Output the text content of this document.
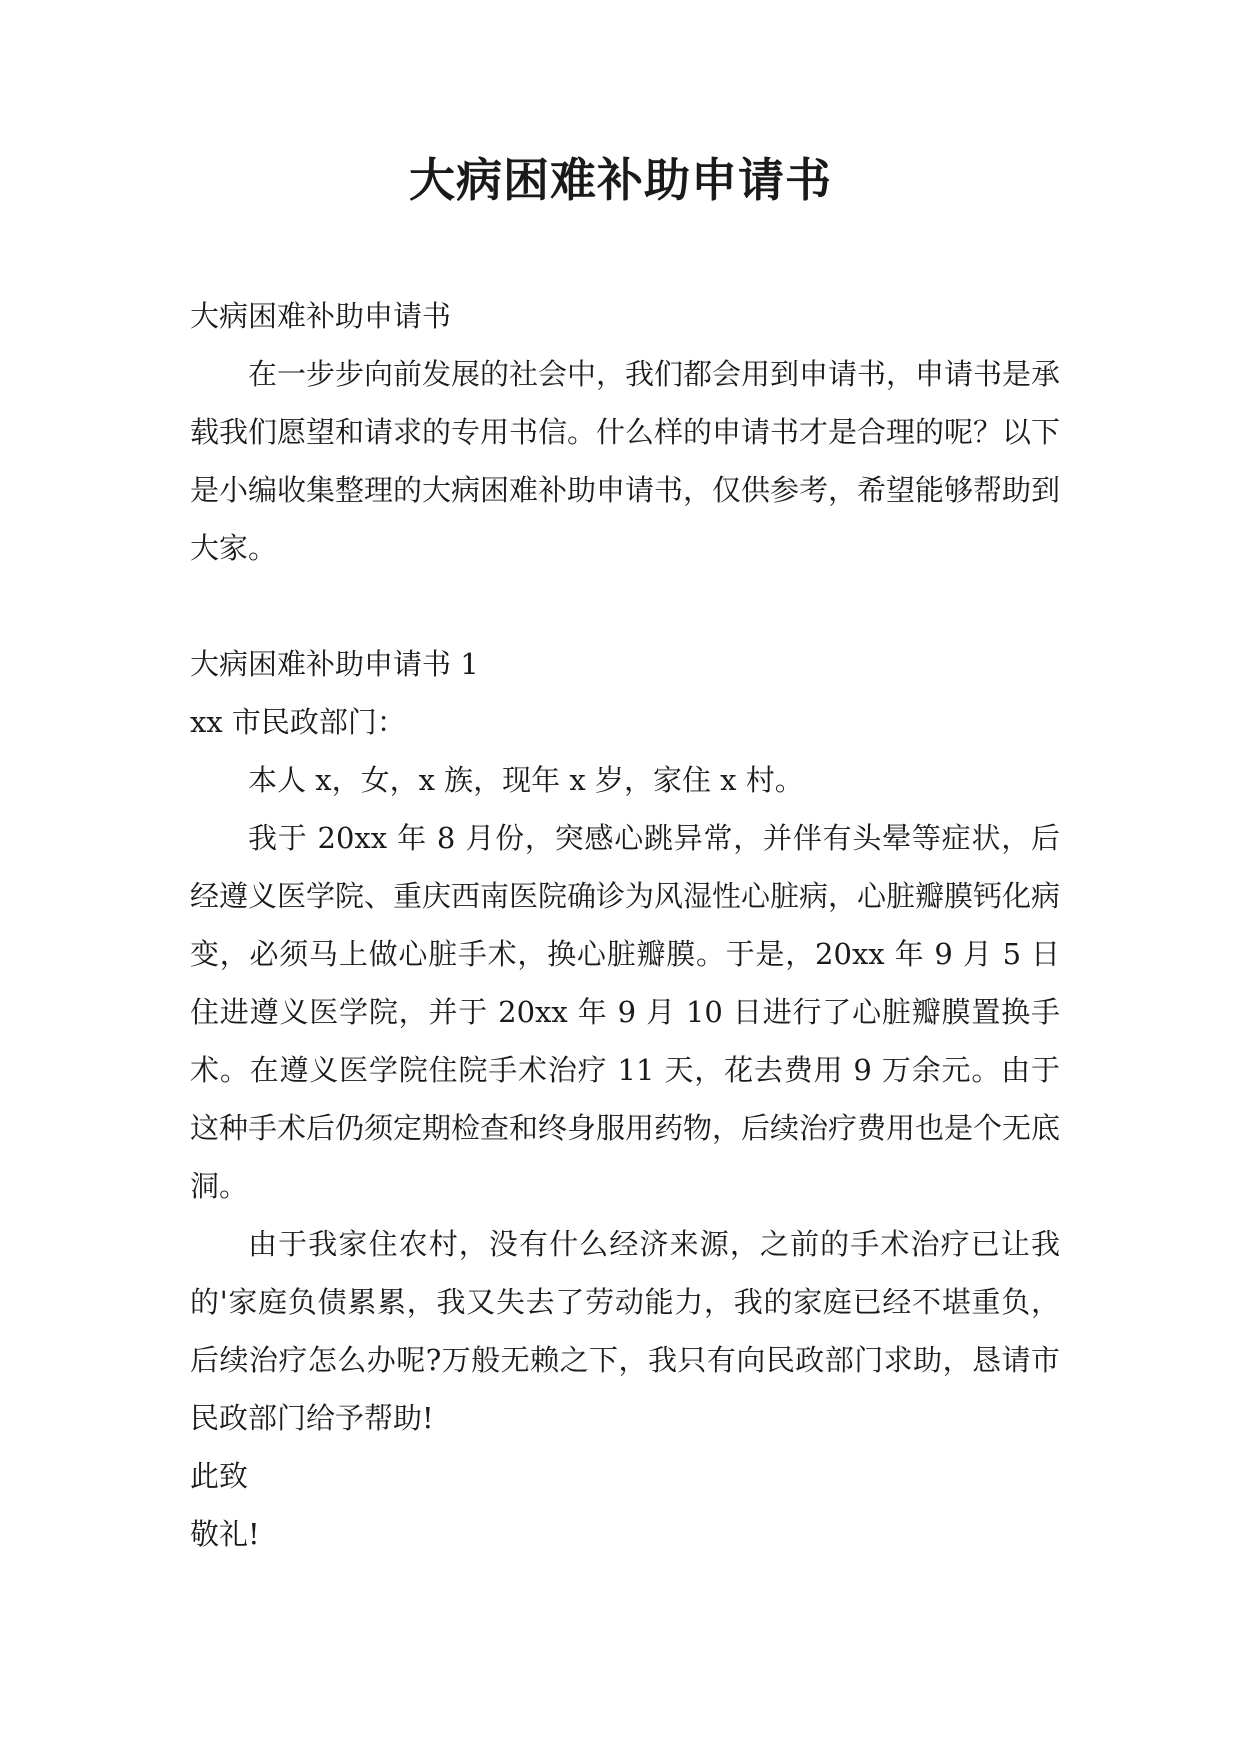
大病困难补助申请书

大病困难补助申请书

在一步步向前发展的社会中，我们都会用到申请书，申请书是承载我们愿望和请求的专用书信。什么样的申请书才是合理的呢？以下是小编收集整理的大病困难补助申请书，仅供参考，希望能够帮助到大家。

大病困难补助申请书 1

xx 市民政部门：

本人 x，女，x 族，现年 x 岁，家住 x 村。

我于 20xx 年 8 月份，突感心跳异常，并伴有头晕等症状，后经遵义医学院、重庆西南医院确诊为风湿性心脏病，心脏瓣膜钙化病变，必须马上做心脏手术，换心脏瓣膜。于是，20xx 年 9 月 5 日住进遵义医学院，并于 20xx 年 9 月 10 日进行了心脏瓣膜置换手术。在遵义医学院住院手术治疗 11 天，花去费用 9 万余元。由于这种手术后仍须定期检查和终身服用药物，后续治疗费用也是个无底洞。

由于我家住农村，没有什么经济来源，之前的手术治疗已让我的'家庭负债累累，我又失去了劳动能力，我的家庭已经不堪重负，后续治疗怎么办呢?万般无赖之下，我只有向民政部门求助，恳请市民政部门给予帮助!

此致

敬礼!
